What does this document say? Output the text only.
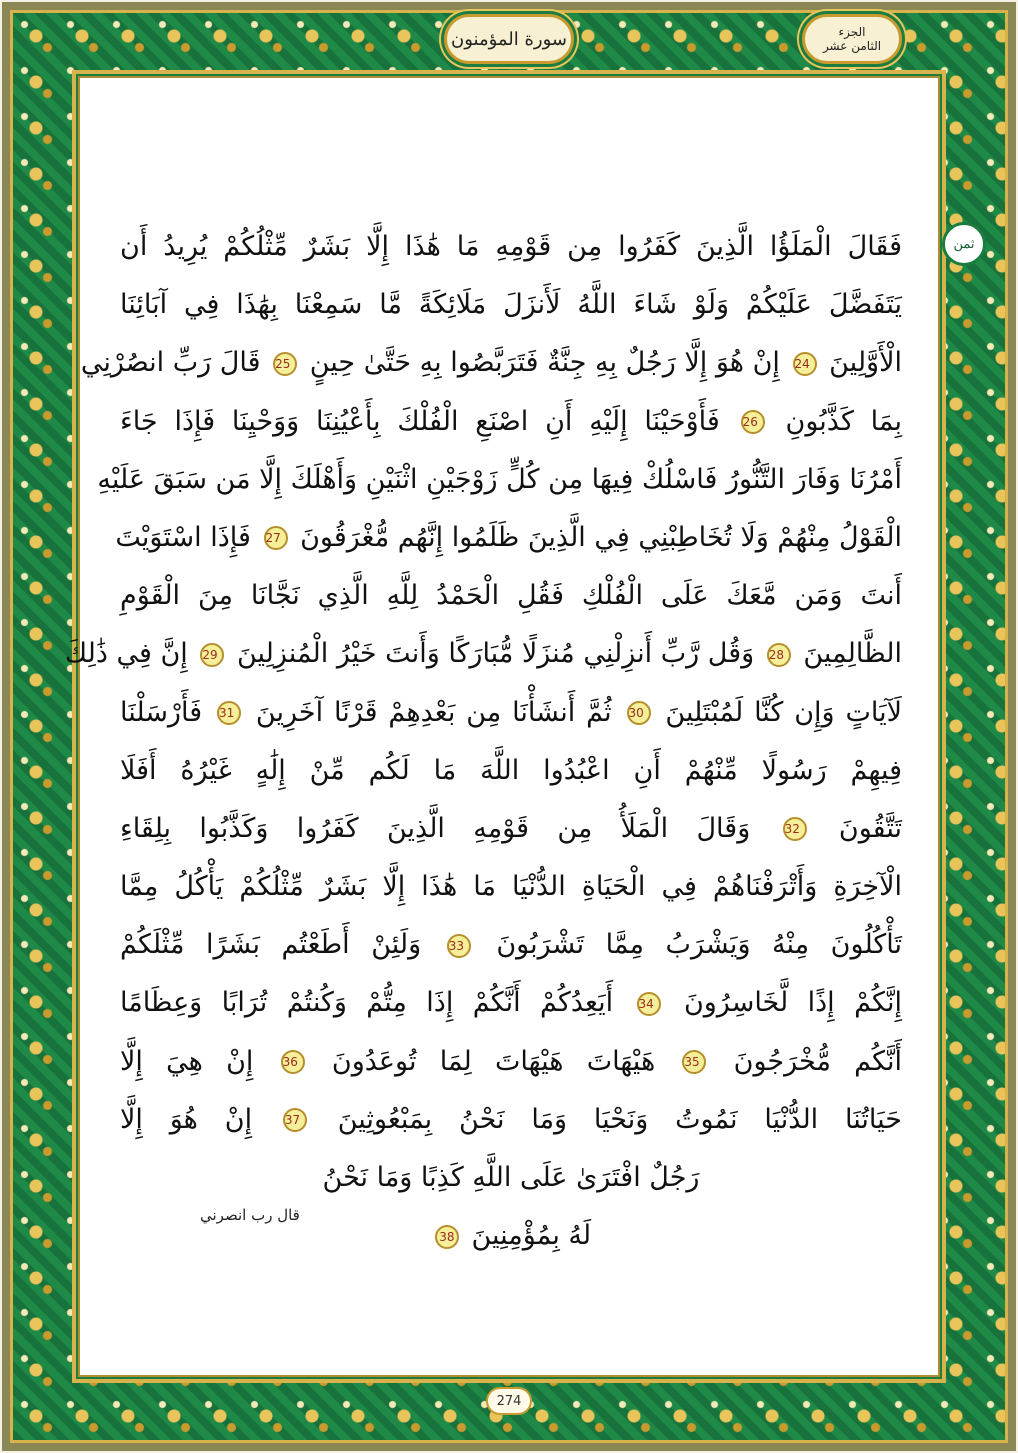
الجزء
الثامن عشر
سورة المؤمنون
فَقَالَ الْمَلَؤُا الَّذِينَ كَفَرُوا مِن قَوْمِهِ مَا هَٰذَا إِلَّا بَشَرٌ مِّثْلُكُمْ يُرِيدُ أَن
يَتَفَضَّلَ عَلَيْكُمْ وَلَوْ شَاءَ اللَّهُ لَأَنزَلَ مَلَائِكَةً مَّا سَمِعْنَا بِهَٰذَا فِي آبَائِنَا
الْأَوَّلِينَ 24 إِنْ هُوَ إِلَّا رَجُلٌ بِهِ جِنَّةٌ فَتَرَبَّصُوا بِهِ حَتَّىٰ حِينٍ 25 قَالَ رَبِّ انصُرْنِي
بِمَا كَذَّبُونِ 26 فَأَوْحَيْنَا إِلَيْهِ أَنِ اصْنَعِ الْفُلْكَ بِأَعْيُنِنَا وَوَحْيِنَا فَإِذَا جَاءَ
أَمْرُنَا وَفَارَ التَّنُّورُ فَاسْلُكْ فِيهَا مِن كُلٍّ زَوْجَيْنِ اثْنَيْنِ وَأَهْلَكَ إِلَّا مَن سَبَقَ عَلَيْهِ
الْقَوْلُ مِنْهُمْ وَلَا تُخَاطِبْنِي فِي الَّذِينَ ظَلَمُوا إِنَّهُم مُّغْرَقُونَ 27 فَإِذَا اسْتَوَيْتَ
أَنتَ وَمَن مَّعَكَ عَلَى الْفُلْكِ فَقُلِ الْحَمْدُ لِلَّهِ الَّذِي نَجَّانَا مِنَ الْقَوْمِ
الظَّالِمِينَ 28 وَقُل رَّبِّ أَنزِلْنِي مُنزَلًا مُّبَارَكًا وَأَنتَ خَيْرُ الْمُنزِلِينَ 29 إِنَّ فِي ذَٰلِكَ
لَآيَاتٍ وَإِن كُنَّا لَمُبْتَلِينَ 30 ثُمَّ أَنشَأْنَا مِن بَعْدِهِمْ قَرْنًا آخَرِينَ 31 فَأَرْسَلْنَا
فِيهِمْ رَسُولًا مِّنْهُمْ أَنِ اعْبُدُوا اللَّهَ مَا لَكُم مِّنْ إِلَٰهٍ غَيْرُهُ أَفَلَا
تَتَّقُونَ 32 وَقَالَ الْمَلَأُ مِن قَوْمِهِ الَّذِينَ كَفَرُوا وَكَذَّبُوا بِلِقَاءِ
الْآخِرَةِ وَأَتْرَفْنَاهُمْ فِي الْحَيَاةِ الدُّنْيَا مَا هَٰذَا إِلَّا بَشَرٌ مِّثْلُكُمْ يَأْكُلُ مِمَّا
تَأْكُلُونَ مِنْهُ وَيَشْرَبُ مِمَّا تَشْرَبُونَ 33 وَلَئِنْ أَطَعْتُم بَشَرًا مِّثْلَكُمْ
إِنَّكُمْ إِذًا لَّخَاسِرُونَ 34 أَيَعِدُكُمْ أَنَّكُمْ إِذَا مِتُّمْ وَكُنتُمْ تُرَابًا وَعِظَامًا
أَنَّكُم مُّخْرَجُونَ 35 هَيْهَاتَ هَيْهَاتَ لِمَا تُوعَدُونَ 36 إِنْ هِيَ إِلَّا
حَيَاتُنَا الدُّنْيَا نَمُوتُ وَنَحْيَا وَمَا نَحْنُ بِمَبْعُوثِينَ 37 إِنْ هُوَ إِلَّا
رَجُلٌ افْتَرَىٰ عَلَى اللَّهِ كَذِبًا وَمَا نَحْنُ
لَهُ بِمُؤْمِنِينَ 38
قال رب انصرني
ثمن
274
